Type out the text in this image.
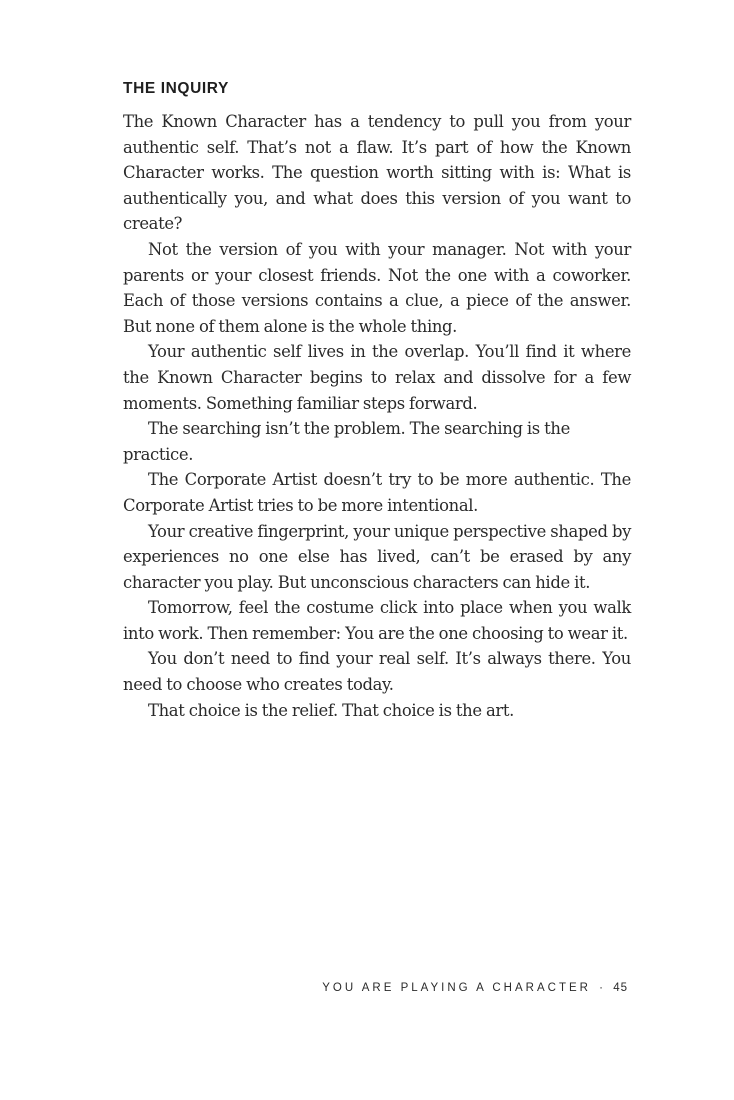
THE INQUIRY

The Known Character has a tendency to pull you from your authentic self. That’s not a flaw. It’s part of how the Known Character works. The question worth sitting with is: What is authentically you, and what does this version of you want to create?

Not the version of you with your manager. Not with your parents or your closest friends. Not the one with a coworker. Each of those versions contains a clue, a piece of the answer. But none of them alone is the whole thing.

Your authentic self lives in the overlap. You’ll find it where the Known Character begins to relax and dissolve for a few moments. Something familiar steps forward.

The searching isn’t the problem. The searching is the practice.

The Corporate Artist doesn’t try to be more authentic. The Corporate Artist tries to be more intentional.

Your creative fingerprint, your unique perspective shaped by experiences no one else has lived, can’t be erased by any character you play. But unconscious characters can hide it.

Tomorrow, feel the costume click into place when you walk into work. Then remember: You are the one choosing to wear it.

You don’t need to find your real self. It’s always there. You need to choose who creates today.

That choice is the relief. That choice is the art.

YOU ARE PLAYING A CHARACTER · 45
